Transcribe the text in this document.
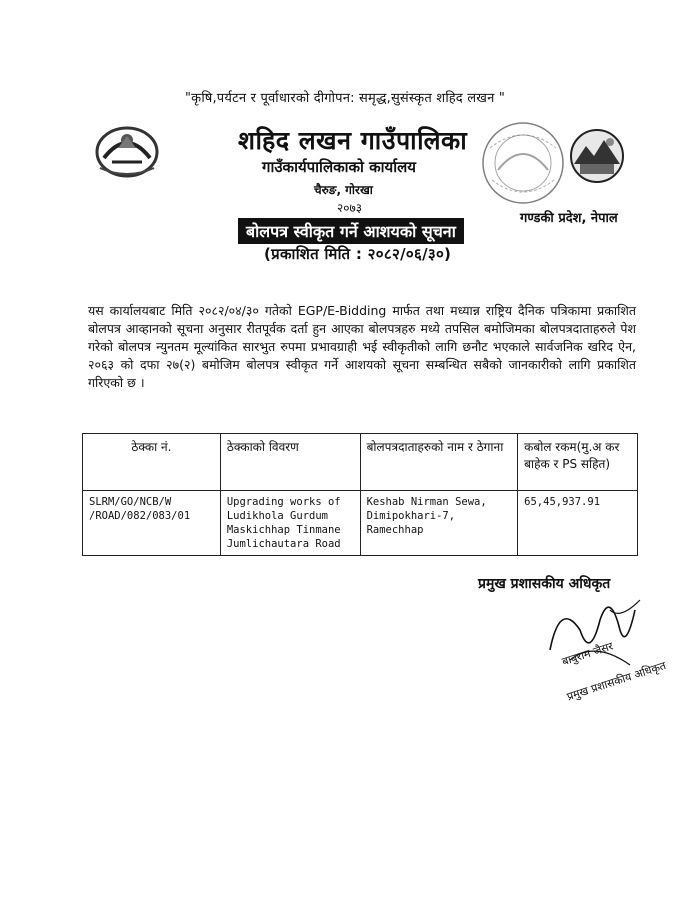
"कृषि,पर्यटन र पूर्वाधारको दीगोपन: समृद्ध,सुसंस्कृत शहिद लखन "
शहिद लखन गाउँपालिका
गाउँकार्यपालिकाको कार्यालय
चैरुङ, गोरखा
२०७३
गण्डकी प्रदेश, नेपाल
बोलपत्र स्वीकृत गर्ने आशयको सूचना
(प्रकाशित मिति : २०८२/०६/३०)
यस कार्यालयबाट मिति २०८२/०४/३० गतेको EGP/E-Bidding मार्फत तथा मध्यान्न राष्ट्रिय दैनिक पत्रिकामा प्रकाशित बोलपत्र आव्हानको सूचना अनुसार रीतपूर्वक दर्ता हुन आएका बोलपत्रहरु मध्ये तपसिल बमोजिमका बोलपत्रदाताहरुले पेश गरेको बोलपत्र न्युनतम मूल्यांकित सारभुत रुपमा प्रभावग्राही भई स्वीकृतीको लागि छनौट भएकाले सार्वजनिक खरिद ऐन, २०६३ को दफा २७(२) बमोजिम बोलपत्र स्वीकृत गर्ने आशयको सूचना सम्बन्धित सबैको जानकारीको लागि प्रकाशित गरिएको छ ।
ठेक्का नं.	ठेक्काको विवरण	बोलपत्रदाताहरुको नाम र ठेगाना	कबोल रकम(मु.अ कर बाहेक र PS सहित)
SLRM/GO/NCB/W /ROAD/082/083/01	Upgrading works of Ludikhola Gurdum Maskichhap Tinmane Jumlichautara Road	Keshab Nirman Sewa, Dimipokhari-7, Ramechhap	65,45,937.91
प्रमुख प्रशासकीय अधिकृत
बाबुराम जैसर
प्रमुख प्रशासकीय अधिकृत
